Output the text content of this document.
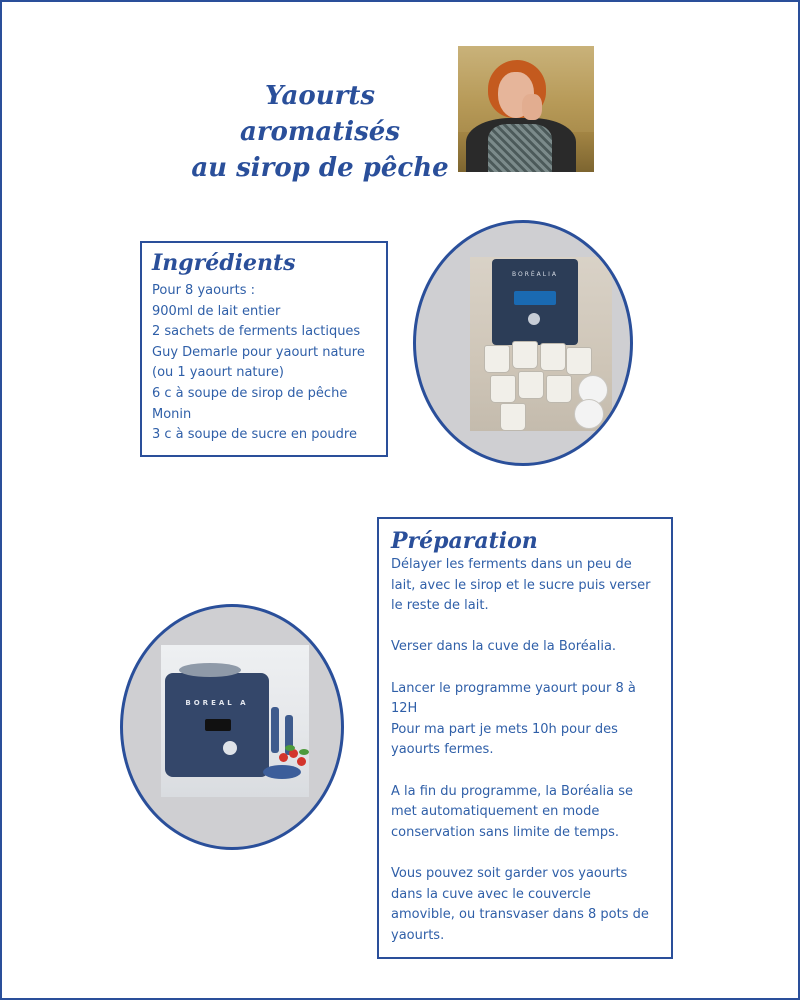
Yaourts aromatisés
au sirop de pêche
Ingrédients
Pour 8 yaourts :
900ml de lait entier
2 sachets de ferments lactiques
Guy Demarle pour yaourt nature
(ou 1 yaourt nature)
6 c à soupe de sirop de pêche
Monin
3 c à soupe de sucre en poudre
BORÉALIA
BOREAL A
Préparation
Délayer les ferments dans un peu de
lait, avec le sirop et le sucre puis verser
le reste de lait.
Verser dans la cuve de la Boréalia.
Lancer le programme yaourt pour 8 à
12H
Pour ma part je mets 10h pour des
yaourts fermes.
A la fin du programme, la Boréalia se
met automatiquement en mode
conservation sans limite de temps.
Vous pouvez soit garder vos yaourts
dans la cuve avec le couvercle
amovible, ou transvaser dans 8 pots de
yaourts.
